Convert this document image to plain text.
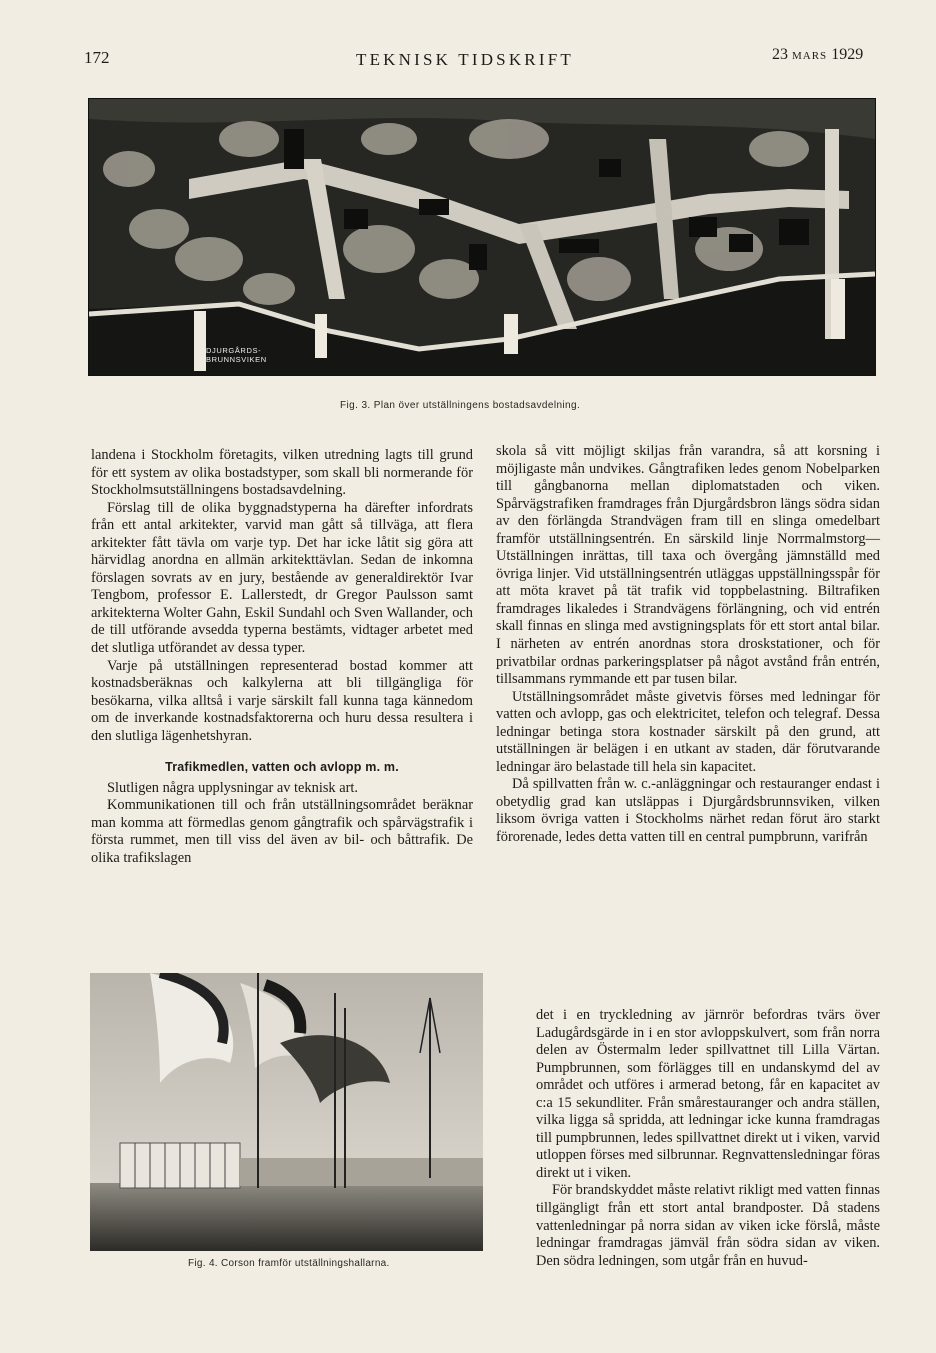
172	TEKNISK TIDSKRIFT	23 MARS 1929
N
DJURGÅRDS-
BRUNNSVIKEN
Fig. 3. Plan över utställningens bostadsavdelning.

landena i Stockholm företagits, vilken utredning lagts till grund för ett system av olika bostadstyper, som skall bli normerande för Stockholmsutställningens bostadsavdelning.

Förslag till de olika byggnadstyperna ha därefter infordrats från ett antal arkitekter, varvid man gått så tillväga, att flera arkitekter fått tävla om varje typ. Det har icke låtit sig göra att härvidlag anordna en allmän arkitekttävlan. Sedan de inkomna förslagen sovrats av en jury, bestående av generaldirektör Ivar Tengbom, professor E. Lallerstedt, dr Gregor Paulsson samt arkitekterna Wolter Gahn, Eskil Sundahl och Sven Wallander, och de till utförande avsedda typerna bestämts, vidtager arbetet med det slutliga utförandet av dessa typer.

Varje på utställningen representerad bostad kommer att kostnadsberäknas och kalkylerna att bli tillgängliga för besökarna, vilka alltså i varje särskilt fall kunna taga kännedom om de inverkande kostnadsfaktorerna och huru dessa resultera i den slutliga lägenhetshyran.

Trafikmedlen, vatten och avlopp m. m.

Slutligen några upplysningar av teknisk art.

Kommunikationen till och från utställningsområdet beräknar man komma att förmedlas genom gångtrafik och spårvägstrafik i första rummet, men till viss del även av bil- och båttrafik. De olika trafikslagen

Fig. 4. Corson framför utställningshallarna.

skola så vitt möjligt skiljas från varandra, så att korsning i möjligaste mån undvikes. Gångtrafiken ledes genom Nobelparken till gångbanorna mellan diplomatstaden och viken. Spårvägstrafiken framdrages från Djurgårdsbron längs södra sidan av den förlängda Strandvägen fram till en slinga omedelbart framför utställningsentrén. En särskild linje Norrmalmstorg—Utställningen inrättas, till taxa och övergång jämnställd med övriga linjer. Vid utställningsentrén utläggas uppställningsspår för att möta kravet på tät trafik vid toppbelastning. Biltrafiken framdrages likaledes i Strandvägens förlängning, och vid entrén skall finnas en slinga med avstigningsplats för ett stort antal bilar. I närheten av entrén anordnas stora droskstationer, och för privatbilar ordnas parkeringsplatser på något avstånd från entrén, tillsammans rymmande ett par tusen bilar.

Utställningsområdet måste givetvis förses med ledningar för vatten och avlopp, gas och elektricitet, telefon och telegraf. Dessa ledningar betinga stora kostnader särskilt på den grund, att utställningen är belägen i en utkant av staden, där förutvarande ledningar äro belastade till hela sin kapacitet.

Då spillvatten från w. c.-anläggningar och restauranger endast i obetydlig grad kan utsläppas i Djurgårdsbrunnsviken, vilken liksom övriga vatten i Stockholms närhet redan förut äro starkt förorenade, ledes detta vatten till en central pumpbrunn, varifrån

det i en tryckledning av järnrör befordras tvärs över Ladugårdsgärde in i en stor avloppskulvert, som från norra delen av Östermalm leder spillvattnet till Lilla Värtan. Pumpbrunnen, som förlägges till en undanskymd del av området och utföres i armerad betong, får en kapacitet av c:a 15 sekundliter. Från smårestauranger och andra ställen, vilka ligga så spridda, att ledningar icke kunna framdragas till pumpbrunnen, ledes spillvattnet direkt ut i viken, varvid utloppen förses med silbrunnar. Regnvattensledningar föras direkt ut i viken.

För brandskyddet måste relativt rikligt med vatten finnas tillgängligt från ett stort antal brandposter. Då stadens vattenledningar på norra sidan av viken icke förslå, måste ledningar framdragas jämväl från södra sidan av viken. Den södra ledningen, som utgår från en huvud-
